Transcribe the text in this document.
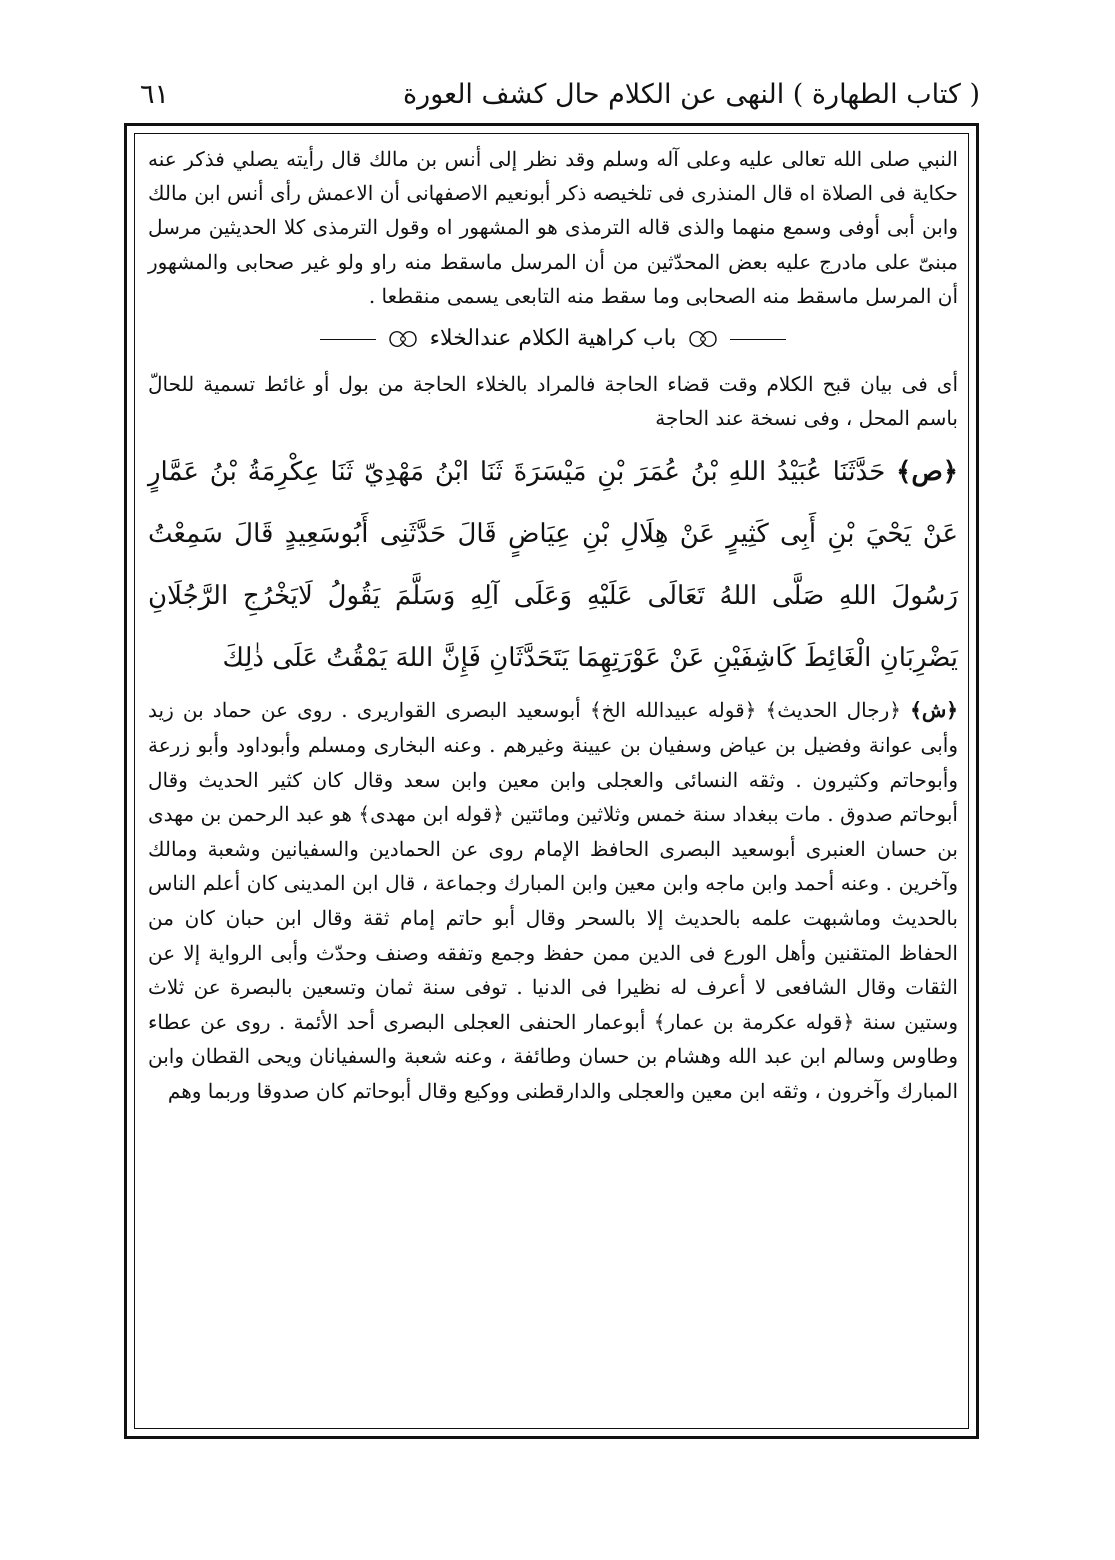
( كتاب الطهارة ) النهى عن الكلام حال كشف العورة
٦١

النبي صلى الله تعالى عليه وعلى آله وسلم وقد نظر إلى أنس بن مالك قال رأيته يصلي فذكر عنه حكاية فى الصلاة اه قال المنذرى فى تلخيصه ذكر أبونعيم الاصفهانى أن الاعمش رأى أنس ابن مالك وابن أبى أوفى وسمع منهما والذى قاله الترمذى هو المشهور اه وقول الترمذى كلا الحديثين مرسل مبنىّ على مادرج عليه بعض المحدّثين من أن المرسل ماسقط منه راو ولو غير صحابى والمشهور أن المرسل ماسقط منه الصحابى وما سقط منه التابعى يسمى منقطعا .

باب كراهية الكلام عندالخلاء

أى فى بيان قبح الكلام وقت قضاء الحاجة فالمراد بالخلاء الحاجة من بول أو غائط تسمية للحالّ باسم المحل ، وفى نسخة عند الحاجة

﴿ص﴾ حَدَّثَنَا عُبَيْدُ اللهِ بْنُ عُمَرَ بْنِ مَيْسَرَةَ ثَنَا ابْنُ مَهْدِيّ ثَنَا عِكْرِمَةُ بْنُ عَمَّارٍ عَنْ يَحْيَ بْنِ أَبِى كَثِيرٍ عَنْ هِلَالِ بْنِ عِيَاضٍ قَالَ حَدَّثَنِى أَبُوسَعِيدٍ قَالَ سَمِعْتُ رَسُولَ اللهِ صَلَّى اللهُ تَعَالَى عَلَيْهِ وَعَلَى آلِهِ وَسَلَّمَ يَقُولُ لَايَخْرُجِ الرَّجُلَانِ يَضْرِبَانِ الْغَائِطَ كَاشِفَيْنِ عَنْ عَوْرَتِهِمَا يَتَحَدَّثَانِ فَإِنَّ اللهَ يَمْقُتُ عَلَى ذٰلِكَ

﴿ش﴾ ﴿رجال الحديث﴾ ﴿قوله عبيدالله الخ﴾ أبوسعيد البصرى القواريرى . روى عن حماد بن زيد وأبى عوانة وفضيل بن عياض وسفيان بن عيينة وغيرهم . وعنه البخارى ومسلم وأبوداود وأبو زرعة وأبوحاتم وكثيرون . وثقه النسائى والعجلى وابن معين وابن سعد وقال كان كثير الحديث وقال أبوحاتم صدوق . مات ببغداد سنة خمس وثلاثين ومائتين ﴿قوله ابن مهدى﴾ هو عبد الرحمن بن مهدى بن حسان العنبرى أبوسعيد البصرى الحافظ الإمام روى عن الحمادين والسفيانين وشعبة ومالك وآخرين . وعنه أحمد وابن ماجه وابن معين وابن المبارك وجماعة ، قال ابن المدينى كان أعلم الناس بالحديث وماشبهت علمه بالحديث إلا بالسحر وقال أبو حاتم إمام ثقة وقال ابن حبان كان من الحفاظ المتقنين وأهل الورع فى الدين ممن حفظ وجمع وتفقه وصنف وحدّث وأبى الرواية إلا عن الثقات وقال الشافعى لا أعرف له نظيرا فى الدنيا . توفى سنة ثمان وتسعين بالبصرة عن ثلاث وستين سنة ﴿قوله عكرمة بن عمار﴾ أبوعمار الحنفى العجلى البصرى أحد الأئمة . روى عن عطاء وطاوس وسالم ابن عبد الله وهشام بن حسان وطائفة ، وعنه شعبة والسفيانان ويحى القطان وابن المبارك وآخرون ، وثقه ابن معين والعجلى والدارقطنى ووكيع وقال أبوحاتم كان صدوقا وربما وهم
